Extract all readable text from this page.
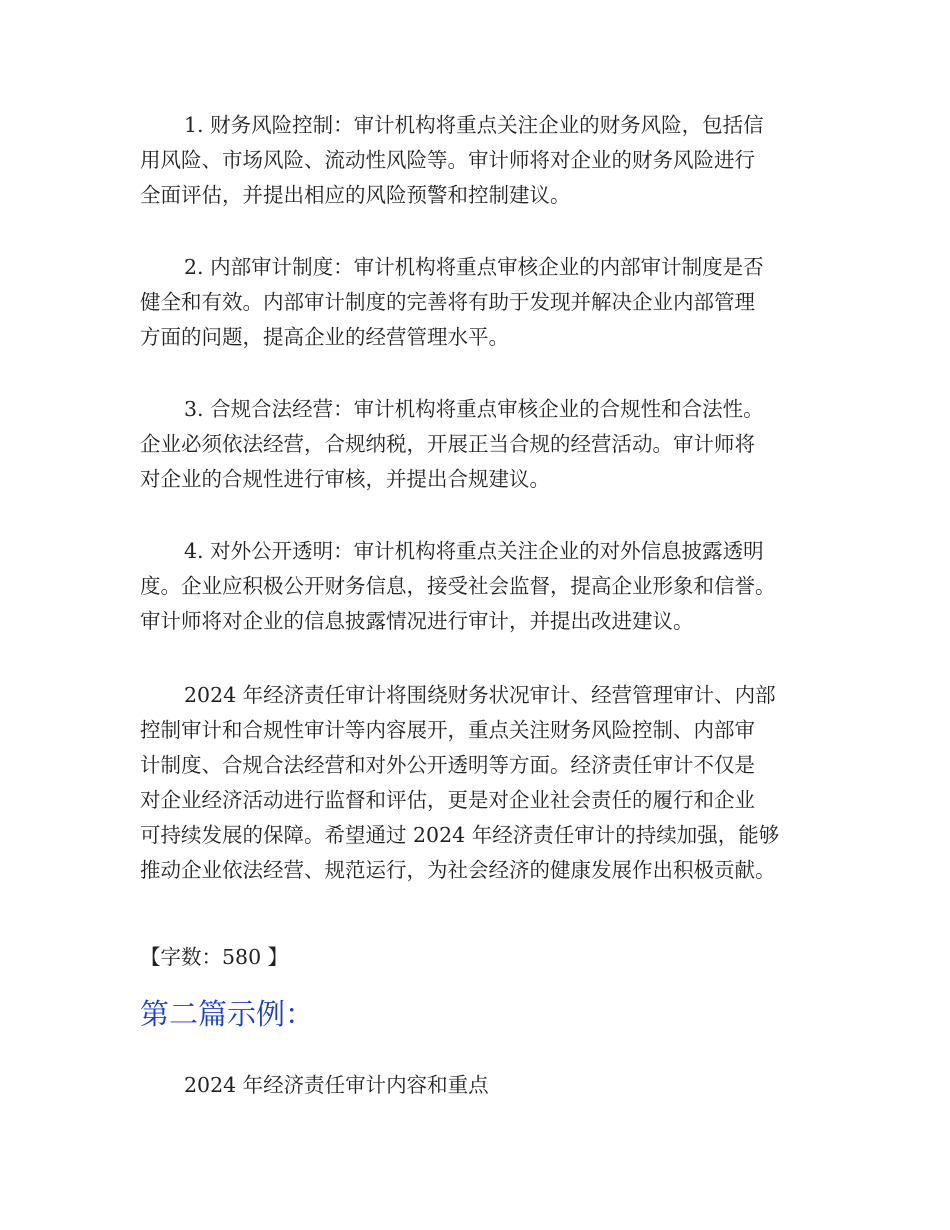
1. 财务风险控制：审计机构将重点关注企业的财务风险，包括信
用风险、市场风险、流动性风险等。审计师将对企业的财务风险进行
全面评估，并提出相应的风险预警和控制建议。
2. 内部审计制度：审计机构将重点审核企业的内部审计制度是否
健全和有效。内部审计制度的完善将有助于发现并解决企业内部管理
方面的问题，提高企业的经营管理水平。
3. 合规合法经营：审计机构将重点审核企业的合规性和合法性。
企业必须依法经营，合规纳税，开展正当合规的经营活动。审计师将
对企业的合规性进行审核，并提出合规建议。
4. 对外公开透明：审计机构将重点关注企业的对外信息披露透明
度。企业应积极公开财务信息，接受社会监督，提高企业形象和信誉。
审计师将对企业的信息披露情况进行审计，并提出改进建议。
2024 年经济责任审计将围绕财务状况审计、经营管理审计、内部
控制审计和合规性审计等内容展开，重点关注财务风险控制、内部审
计制度、合规合法经营和对外公开透明等方面。经济责任审计不仅是
对企业经济活动进行监督和评估，更是对企业社会责任的履行和企业
可持续发展的保障。希望通过 2024 年经济责任审计的持续加强，能够
推动企业依法经营、规范运行，为社会经济的健康发展作出积极贡献。
【字数：580 】
第二篇示例：
2024 年经济责任审计内容和重点
